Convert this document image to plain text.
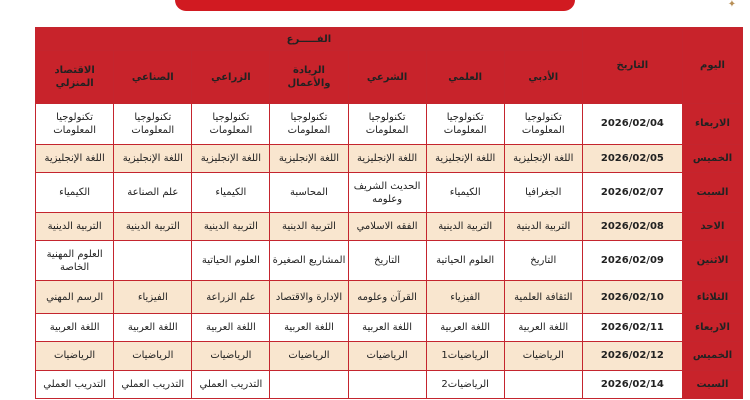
✦
اليوم	التاريخ	الفـــــرع						
		الأدبي	العلمي	الشرعي	الريادة والأعمال	الزراعي	الصناعي	الاقتصاد المنزلي
الاربعاء	2026/02/04	تكنولوجيا المعلومات	تكنولوجيا المعلومات	تكنولوجيا المعلومات	تكنولوجيا المعلومات	تكنولوجيا المعلومات	تكنولوجيا المعلومات	تكنولوجيا المعلومات
الخميس	2026/02/05	اللغة الإنجليزية	اللغة الإنجليزية	اللغة الإنجليزية	اللغة الإنجليزية	اللغة الإنجليزية	اللغة الإنجليزية	اللغة الإنجليزية
السبت	2026/02/07	الجغرافيا	الكيمياء	الحديث الشريف وعلومه	المحاسبة	الكيمياء	علم الصناعة	الكيمياء
الاحد	2026/02/08	التربية الدينية	التربية الدينية	الفقه الاسلامي	التربية الدينية	التربية الدينية	التربية الدينية	التربية الدينية
الاثنين	2026/02/09	التاريخ	العلوم الحياتية	التاريخ	المشاريع الصغيرة	العلوم الحياتية		العلوم المهنية الخاصة
الثلاثاء	2026/02/10	الثقافة العلمية	الفيزياء	القرآن وعلومه	الإدارة والاقتصاد	علم الزراعة	الفيزياء	الرسم المهني
الاربعاء	2026/02/11	اللغة العربية	اللغة العربية	اللغة العربية	اللغة العربية	اللغة العربية	اللغة العربية	اللغة العربية
الخميس	2026/02/12	الرياضيات	الرياضيات1	الرياضيات	الرياضيات	الرياضيات	الرياضيات	الرياضيات
السبت	2026/02/14		الرياضيات2			التدريب العملي	التدريب العملي	التدريب العملي
